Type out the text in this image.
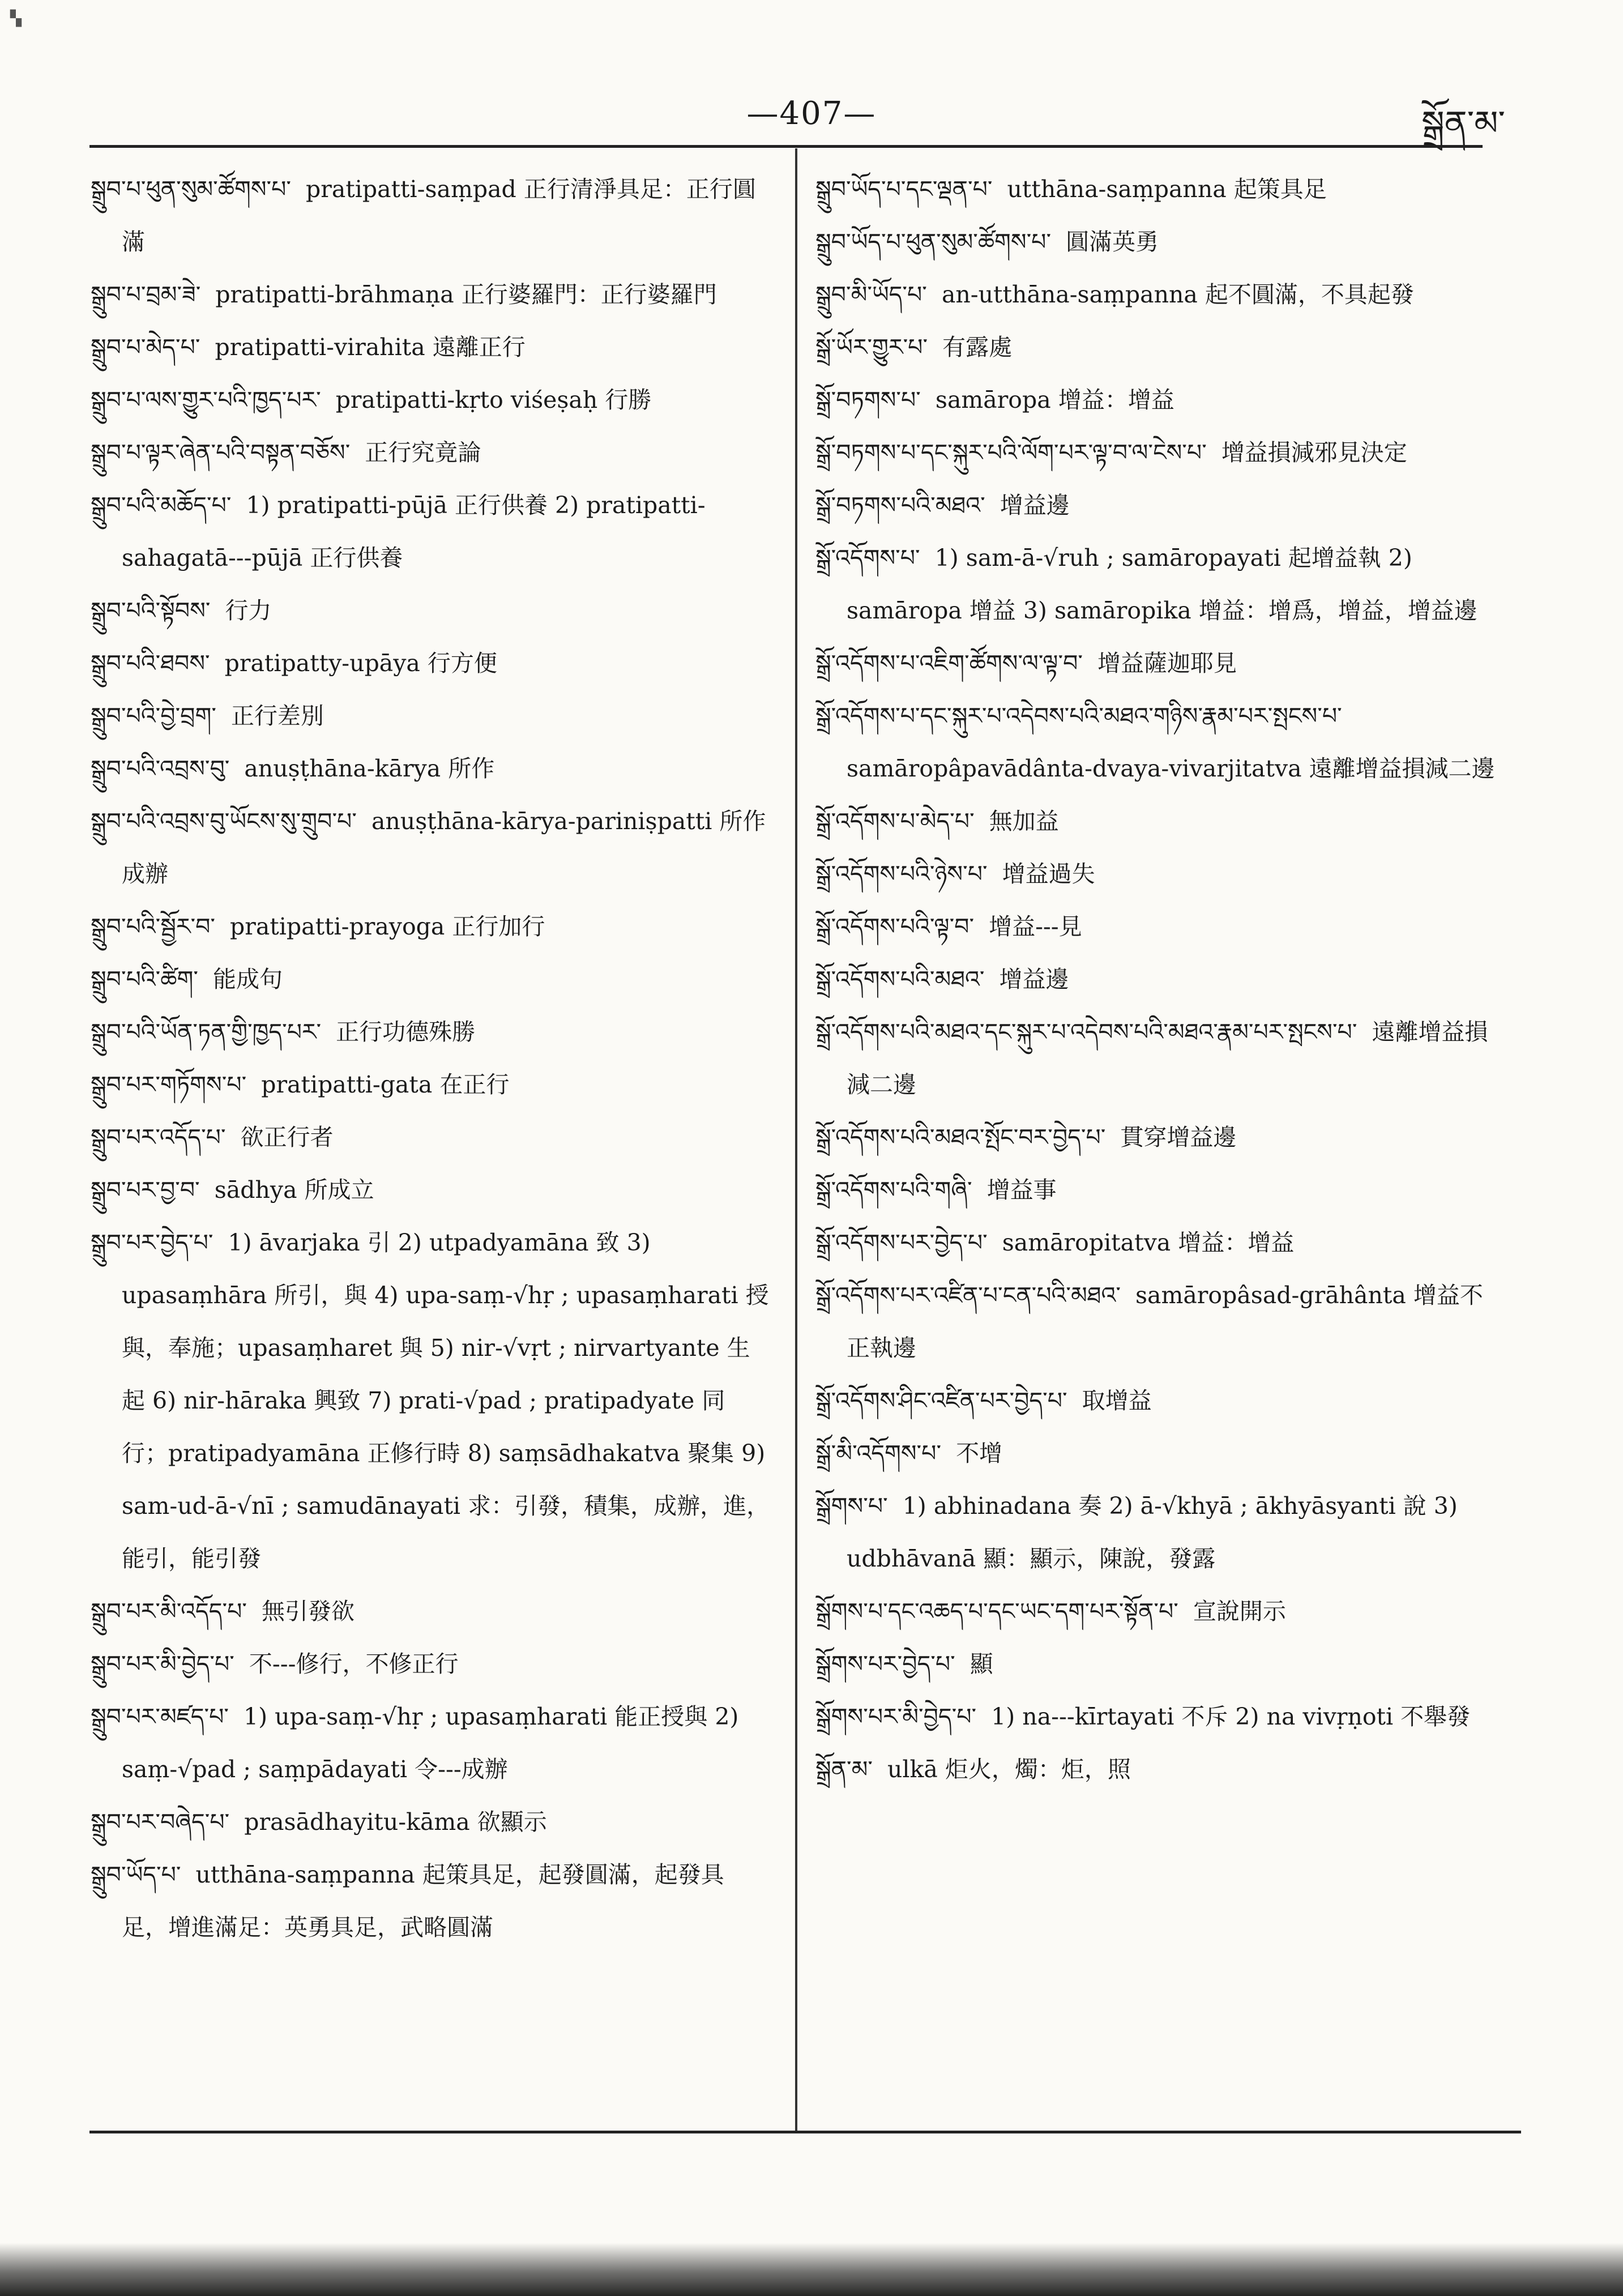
▚
—407—	སྒྲོན་མ་
སྒྲུབ་པ་ཕུན་སུམ་ཚོགས་པ་ pratipatti-saṃpad 正行清淨具足：正行圓滿
སྒྲུབ་པ་བྲམ་ཟེ་ pratipatti-brāhmaṇa 正行婆羅門：正行婆羅門
སྒྲུབ་པ་མེད་པ་ pratipatti-virahita 遠離正行
སྒྲུབ་པ་ལས་གྱུར་པའི་ཁྱད་པར་ pratipatti-kṛto viśeṣaḥ 行勝
སྒྲུབ་པ་ལྟར་ཞེན་པའི་བསྟན་བཅོས་ 正行究竟論
སྒྲུབ་པའི་མཆོད་པ་ 1) pratipatti-pūjā 正行供養 2) pratipatti-sahagatā---pūjā 正行供養
སྒྲུབ་པའི་སྟོབས་ 行力
སྒྲུབ་པའི་ཐབས་ pratipatty-upāya 行方便
སྒྲུབ་པའི་བྱེ་བྲག་ 正行差別
སྒྲུབ་པའི་འབྲས་བུ་ anuṣṭhāna-kārya 所作
སྒྲུབ་པའི་འབྲས་བུ་ཡོངས་སུ་གྲུབ་པ་ anuṣṭhāna-kārya-pariniṣpatti 所作成辦
སྒྲུབ་པའི་སྦྱོར་བ་ pratipatti-prayoga 正行加行
སྒྲུབ་པའི་ཚིག་ 能成句
སྒྲུབ་པའི་ཡོན་ཏན་གྱི་ཁྱད་པར་ 正行功德殊勝
སྒྲུབ་པར་གཏོགས་པ་ pratipatti-gata 在正行
སྒྲུབ་པར་འདོད་པ་ 欲正行者
སྒྲུབ་པར་བྱ་བ་ sādhya 所成立
སྒྲུབ་པར་བྱེད་པ་ 1) āvarjaka 引 2) utpadyamāna 致 3) upasaṃhāra 所引，與 4) upa-saṃ-√hṛ ; upasaṃharati 授與，奉施；upasaṃharet 與 5) nir-√vṛt ; nirvartyante 生起 6) nir-hāraka 興致 7) prati-√pad ; pratipadyate 同行；pratipadyamāna 正修行時 8) saṃsādhakatva 聚集 9) sam-ud-ā-√nī ; samudānayati 求：引發，積集，成辦，進，能引，能引發
སྒྲུབ་པར་མི་འདོད་པ་ 無引發欲
སྒྲུབ་པར་མི་བྱེད་པ་ 不---修行，不修正行
སྒྲུབ་པར་མཛད་པ་ 1) upa-saṃ-√hṛ ; upasaṃharati 能正授與 2) saṃ-√pad ; saṃpādayati 令---成辦
སྒྲུབ་པར་བཞེད་པ་ prasādhayitu-kāma 欲顯示
སྒྲུབ་ཡོད་པ་ utthāna-saṃpanna 起策具足，起發圓滿，起發具足，增進滿足：英勇具足，武略圓滿
སྒྲུབ་ཡོད་པ་དང་ལྡན་པ་ utthāna-saṃpanna 起策具足
སྒྲུབ་ཡོད་པ་ཕུན་སུམ་ཚོགས་པ་ 圓滿英勇
སྒྲུབ་མི་ཡོད་པ་ an-utthāna-saṃpanna 起不圓滿，不具起發
སྒྲོ་ཡོར་གྱུར་པ་ 有露處
སྒྲོ་བཏགས་པ་ samāropa 增益：增益
སྒྲོ་བཏགས་པ་དང་སྐུར་པའི་ལོག་པར་ལྟ་བ་ལ་ངེས་པ་ 增益損減邪見決定
སྒྲོ་བཏགས་པའི་མཐའ་ 增益邊
སྒྲོ་འདོགས་པ་ 1) sam-ā-√ruh ; samāropayati 起增益執 2) samāropa 增益 3) samāropika 增益：增爲，增益，增益邊
སྒྲོ་འདོགས་པ་འཇིག་ཚོགས་ལ་ལྟ་བ་ 增益薩迦耶見
སྒྲོ་འདོགས་པ་དང་སྐུར་པ་འདེབས་པའི་མཐའ་གཉིས་རྣམ་པར་སྤངས་པ་samāropâpavādânta-dvaya-vivarjitatva 遠離增益損減二邊
སྒྲོ་འདོགས་པ་མེད་པ་ 無加益
སྒྲོ་འདོགས་པའི་ཉེས་པ་ 增益過失
སྒྲོ་འདོགས་པའི་ལྟ་བ་ 增益---見
སྒྲོ་འདོགས་པའི་མཐའ་ 增益邊
སྒྲོ་འདོགས་པའི་མཐའ་དང་སྐུར་པ་འདེབས་པའི་མཐའ་རྣམ་པར་སྤངས་པ་ 遠離增益損減二邊
སྒྲོ་འདོགས་པའི་མཐའ་སྤོང་བར་བྱེད་པ་ 貫穿增益邊
སྒྲོ་འདོགས་པའི་གཞི་ 增益事
སྒྲོ་འདོགས་པར་བྱེད་པ་ samāropitatva 增益：增益
སྒྲོ་འདོགས་པར་འཛིན་པ་ངན་པའི་མཐའ་ samāropâsad-grāhânta 增益不正執邊
སྒྲོ་འདོགས་ཤིང་འཛིན་པར་བྱེད་པ་ 取增益
སྒྲོ་མི་འདོགས་པ་ 不增
སྒྲོགས་པ་ 1) abhinadana 奏 2) ā-√khyā ; ākhyāsyanti 說 3) udbhāvanā 顯：顯示，陳說，發露
སྒྲོགས་པ་དང་འཆད་པ་དང་ཡང་དག་པར་སྟོན་པ་ 宣說開示
སྒྲོགས་པར་བྱེད་པ་ 顯
སྒྲོགས་པར་མི་བྱེད་པ་ 1) na---kīrtayati 不斥 2) na vivṛṇoti 不舉發
སྒྲོན་མ་ ulkā 炬火，燭：炬，照
